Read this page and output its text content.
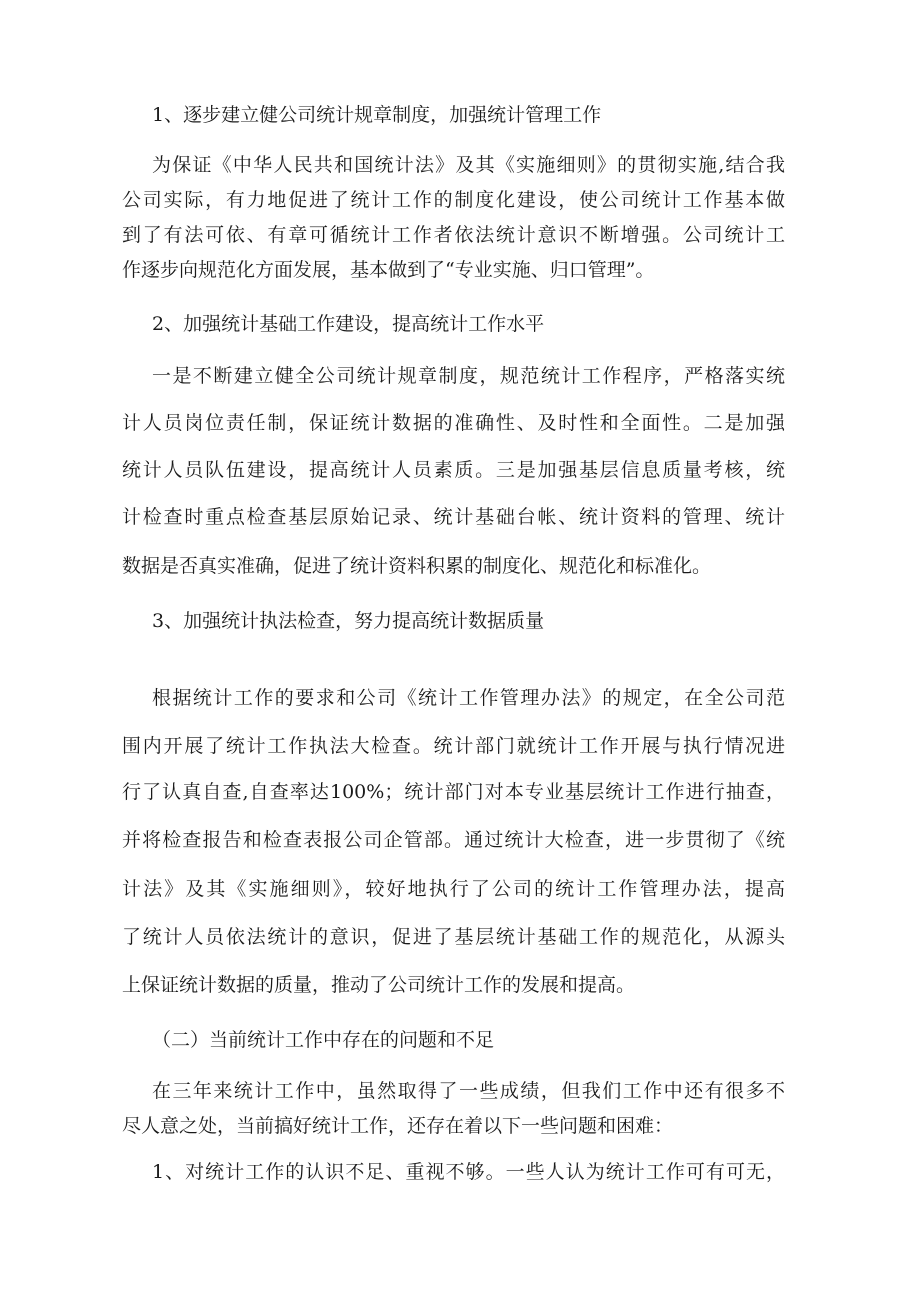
1、逐步建立健公司统计规章制度，加强统计管理工作
为保证《中华人民共和国统计法》及其《实施细则》的贯彻实施,结合我
公司实际，有力地促进了统计工作的制度化建设，使公司统计工作基本做
到了有法可依、有章可循统计工作者依法统计意识不断增强。公司统计工
作逐步向规范化方面发展，基本做到了“专业实施、归口管理”。
2、加强统计基础工作建设，提高统计工作水平
一是不断建立健全公司统计规章制度，规范统计工作程序，严格落实统
计人员岗位责任制，保证统计数据的准确性、及时性和全面性。二是加强
统计人员队伍建设，提高统计人员素质。三是加强基层信息质量考核，统
计检查时重点检查基层原始记录、统计基础台帐、统计资料的管理、统计
数据是否真实准确，促进了统计资料积累的制度化、规范化和标准化。
3、加强统计执法检查，努力提高统计数据质量
根据统计工作的要求和公司《统计工作管理办法》的规定，在全公司范
围内开展了统计工作执法大检查。统计部门就统计工作开展与执行情况进
行了认真自查,自查率达100%；统计部门对本专业基层统计工作进行抽查，
并将检查报告和检查表报公司企管部。通过统计大检查，进一步贯彻了《统
计法》及其《实施细则》，较好地执行了公司的统计工作管理办法，提高
了统计人员依法统计的意识，促进了基层统计基础工作的规范化，从源头
上保证统计数据的质量，推动了公司统计工作的发展和提高。
（二）当前统计工作中存在的问题和不足
在三年来统计工作中，虽然取得了一些成绩，但我们工作中还有很多不
尽人意之处，当前搞好统计工作，还存在着以下一些问题和困难：
1、对统计工作的认识不足、重视不够。一些人认为统计工作可有可无，
